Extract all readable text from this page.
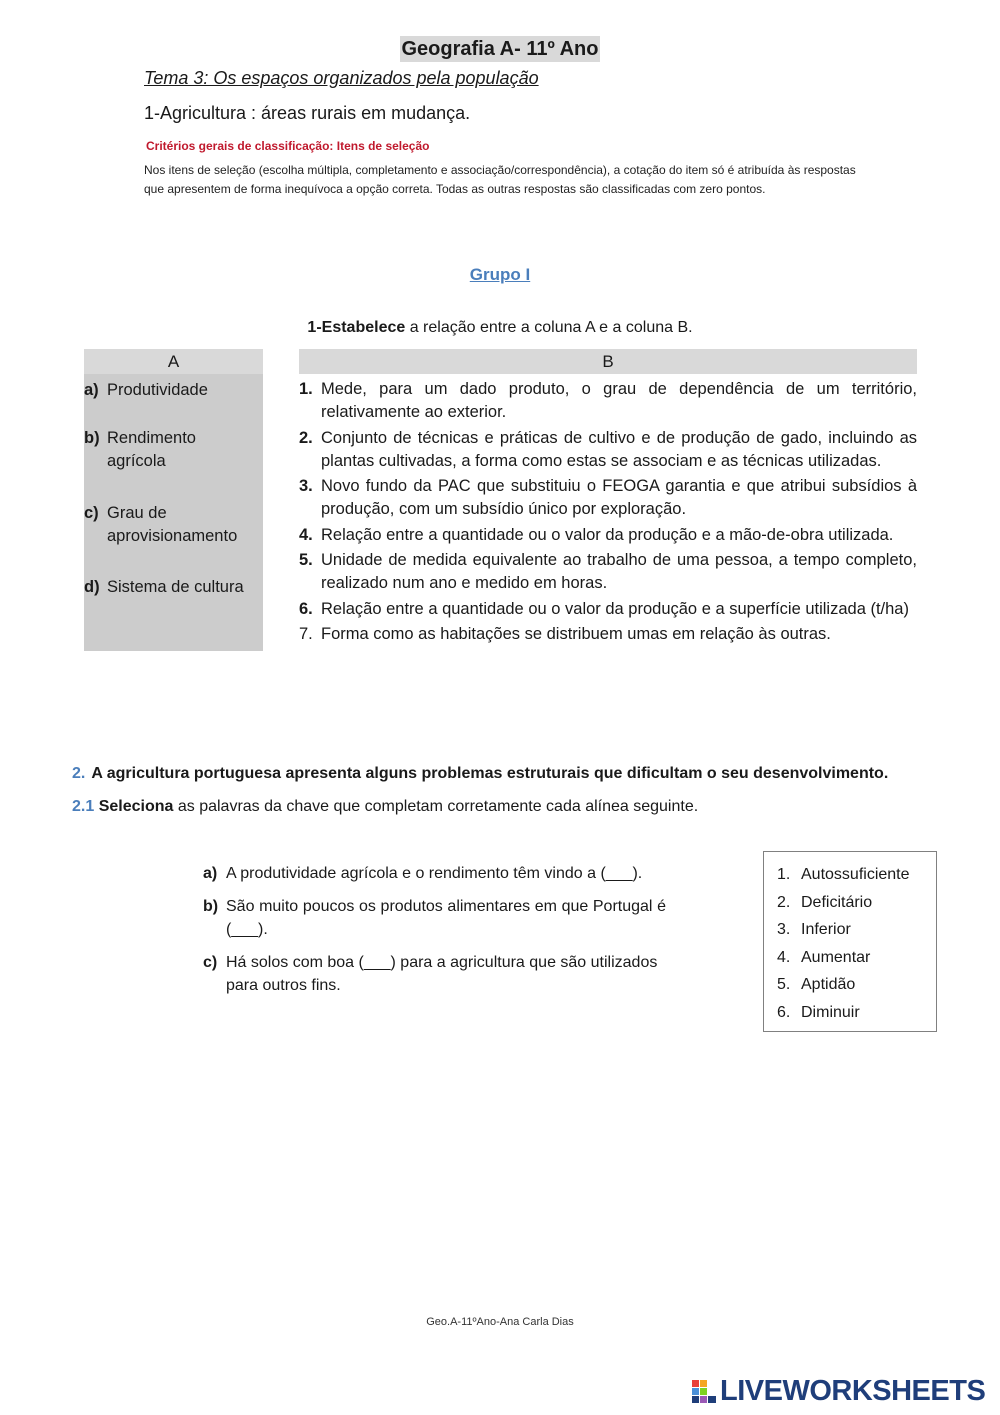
Geografia A- 11º Ano
Tema 3: Os espaços organizados pela população
1-Agricultura : áreas rurais em mudança.
Critérios gerais de classificação: Itens de seleção
Nos itens de seleção (escolha múltipla, completamento e associação/correspondência), a cotação do item só é atribuída às respostas que apresentem de forma inequívoca a opção correta. Todas as outras respostas são classificadas com zero pontos.
Grupo I
1-Estabelece a relação entre a coluna A e a coluna B.
A	B
a) Produtividade
b) Rendimento agrícola
c) Grau de aprovisionamento
d) Sistema de cultura
1. Mede, para um dado produto, o grau de dependência de um território, relativamente ao exterior.
2. Conjunto de técnicas e práticas de cultivo e de produção de gado, incluindo as plantas cultivadas, a forma como estas se associam e as técnicas utilizadas.
3. Novo fundo da PAC que substituiu o FEOGA garantia e que atribui subsídios à produção, com um subsídio único por exploração.
4. Relação entre a quantidade ou o valor da produção e a mão-de-obra utilizada.
5. Unidade de medida equivalente ao trabalho de uma pessoa, a tempo completo, realizado num ano e medido em horas.
6. Relação entre a quantidade ou o valor da produção e a superfície utilizada (t/ha)
7. Forma como as habitações se distribuem umas em relação às outras.
2. A agricultura portuguesa apresenta alguns problemas estruturais que dificultam o seu desenvolvimento.
2.1 Seleciona as palavras da chave que completam corretamente cada alínea seguinte.
a) A produtividade agrícola e o rendimento têm vindo a (___).
b) São muito poucos os produtos alimentares em que Portugal é (___).
c) Há solos com boa (___) para a agricultura que são utilizados para outros fins.
1. Autossuficiente
2. Deficitário
3. Inferior
4. Aumentar
5. Aptidão
6. Diminuir
Geo.A-11ºAno-Ana Carla Dias
LIVEWORKSHEETS
